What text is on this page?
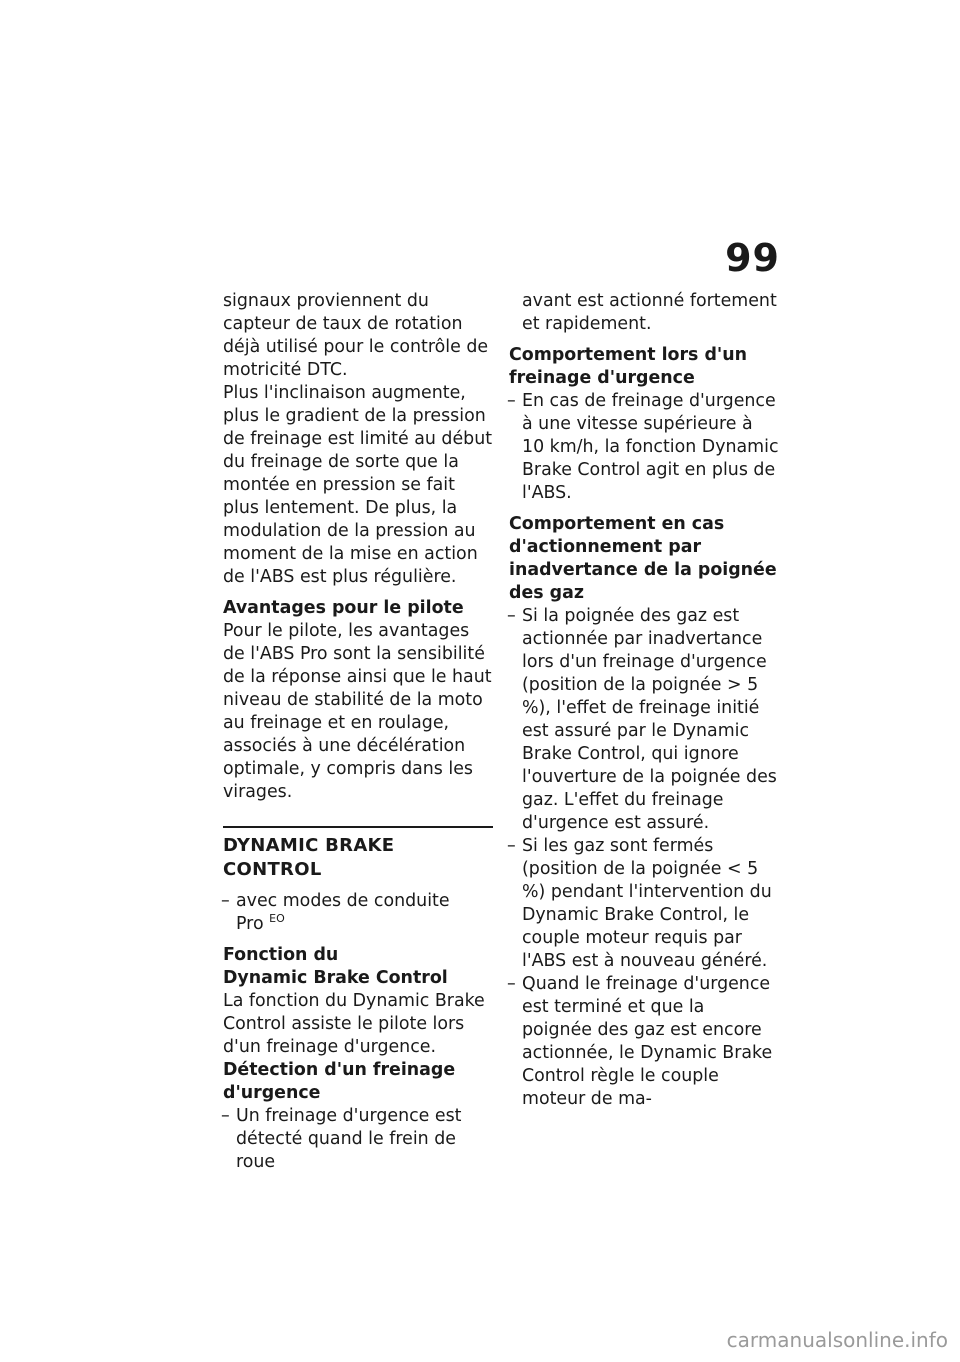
99

signaux proviennent du capteur de taux de rotation déjà utilisé pour le contrôle de motricité DTC.

Plus l'inclinaison augmente, plus le gradient de la pression de freinage est limité au début du freinage de sorte que la montée en pression se fait plus lentement. De plus, la modulation de la pression au moment de la mise en action de l'ABS est plus régulière.

Avantages pour le pilote

Pour le pilote, les avantages de l'ABS Pro sont la sensibilité de la réponse ainsi que le haut niveau de stabilité de la moto au freinage et en roulage, associés à une décélération optimale, y compris dans les virages.

DYNAMIC BRAKE CONTROL

– avec modes de conduite

Pro $^{EO}$

Fonction du
Dynamic Brake Control

La fonction du Dynamic Brake Control assiste le pilote lors d'un freinage d'urgence.

Détection d'un freinage d'urgence

– Un freinage d'urgence est détecté quand le frein de roue

avant est actionné fortement et rapidement.

Comportement lors d'un freinage d'urgence

– En cas de freinage d'urgence à une vitesse supérieure à 10 km/h, la fonction Dynamic Brake Control agit en plus de l'ABS.

Comportement en cas d'actionnement par inadvertance de la poignée des gaz

– Si la poignée des gaz est actionnée par inadvertance lors d'un freinage d'urgence (position de la poignée > 5 %), l'effet de freinage initié est assuré par le Dynamic Brake Control, qui ignore l'ouverture de la poignée des gaz. L'effet du freinage d'urgence est assuré.

– Si les gaz sont fermés (position de la poignée < 5 %) pendant l'intervention du Dynamic Brake Control, le couple moteur requis par l'ABS est à nouveau généré.

– Quand le freinage d'urgence est terminé et que la poignée des gaz est encore actionnée, le Dynamic Brake Control règle le couple moteur de ma-

carmanualsonline.info
